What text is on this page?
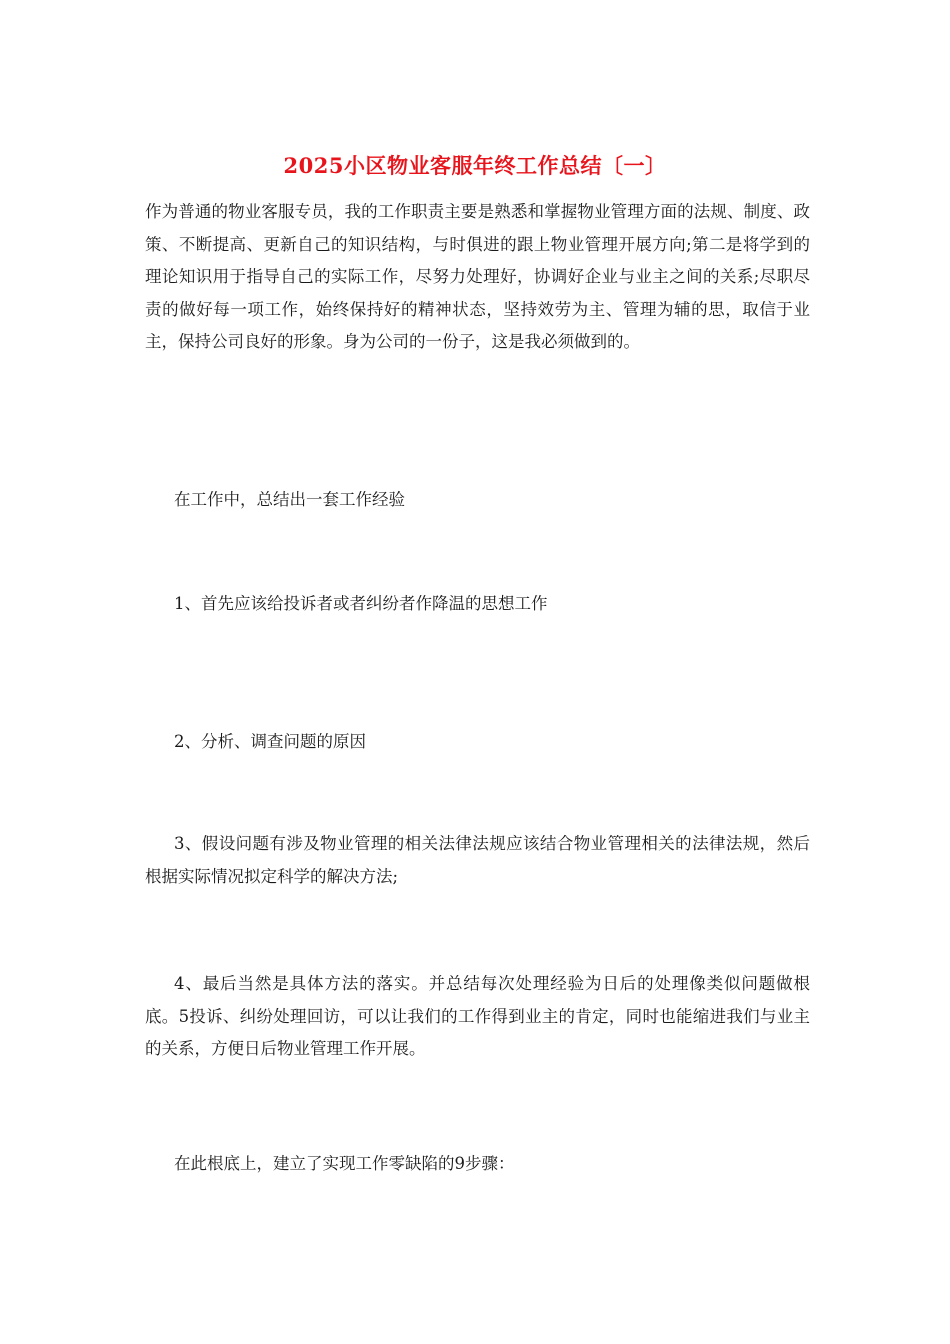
2025小区物业客服年终工作总结〔一〕

作为普通的物业客服专员，我的工作职责主要是熟悉和掌握物业管理方面的法规、制度、政策、不断提高、更新自己的知识结构，与时俱进的跟上物业管理开展方向;第二是将学到的理论知识用于指导自己的实际工作，尽努力处理好，协调好企业与业主之间的关系;尽职尽责的做好每一项工作，始终保持好的精神状态，坚持效劳为主、管理为辅的思，取信于业主，保持公司良好的形象。身为公司的一份子，这是我必须做到的。

在工作中，总结出一套工作经验

1、首先应该给投诉者或者纠纷者作降温的思想工作

2、分析、调查问题的原因

3、假设问题有涉及物业管理的相关法律法规应该结合物业管理相关的法律法规，然后根据实际情况拟定科学的解决方法;

4、最后当然是具体方法的落实。并总结每次处理经验为日后的处理像类似问题做根底。5投诉、纠纷处理回访，可以让我们的工作得到业主的肯定，同时也能缩进我们与业主的关系，方便日后物业管理工作开展。

在此根底上，建立了实现工作零缺陷的9步骤：
